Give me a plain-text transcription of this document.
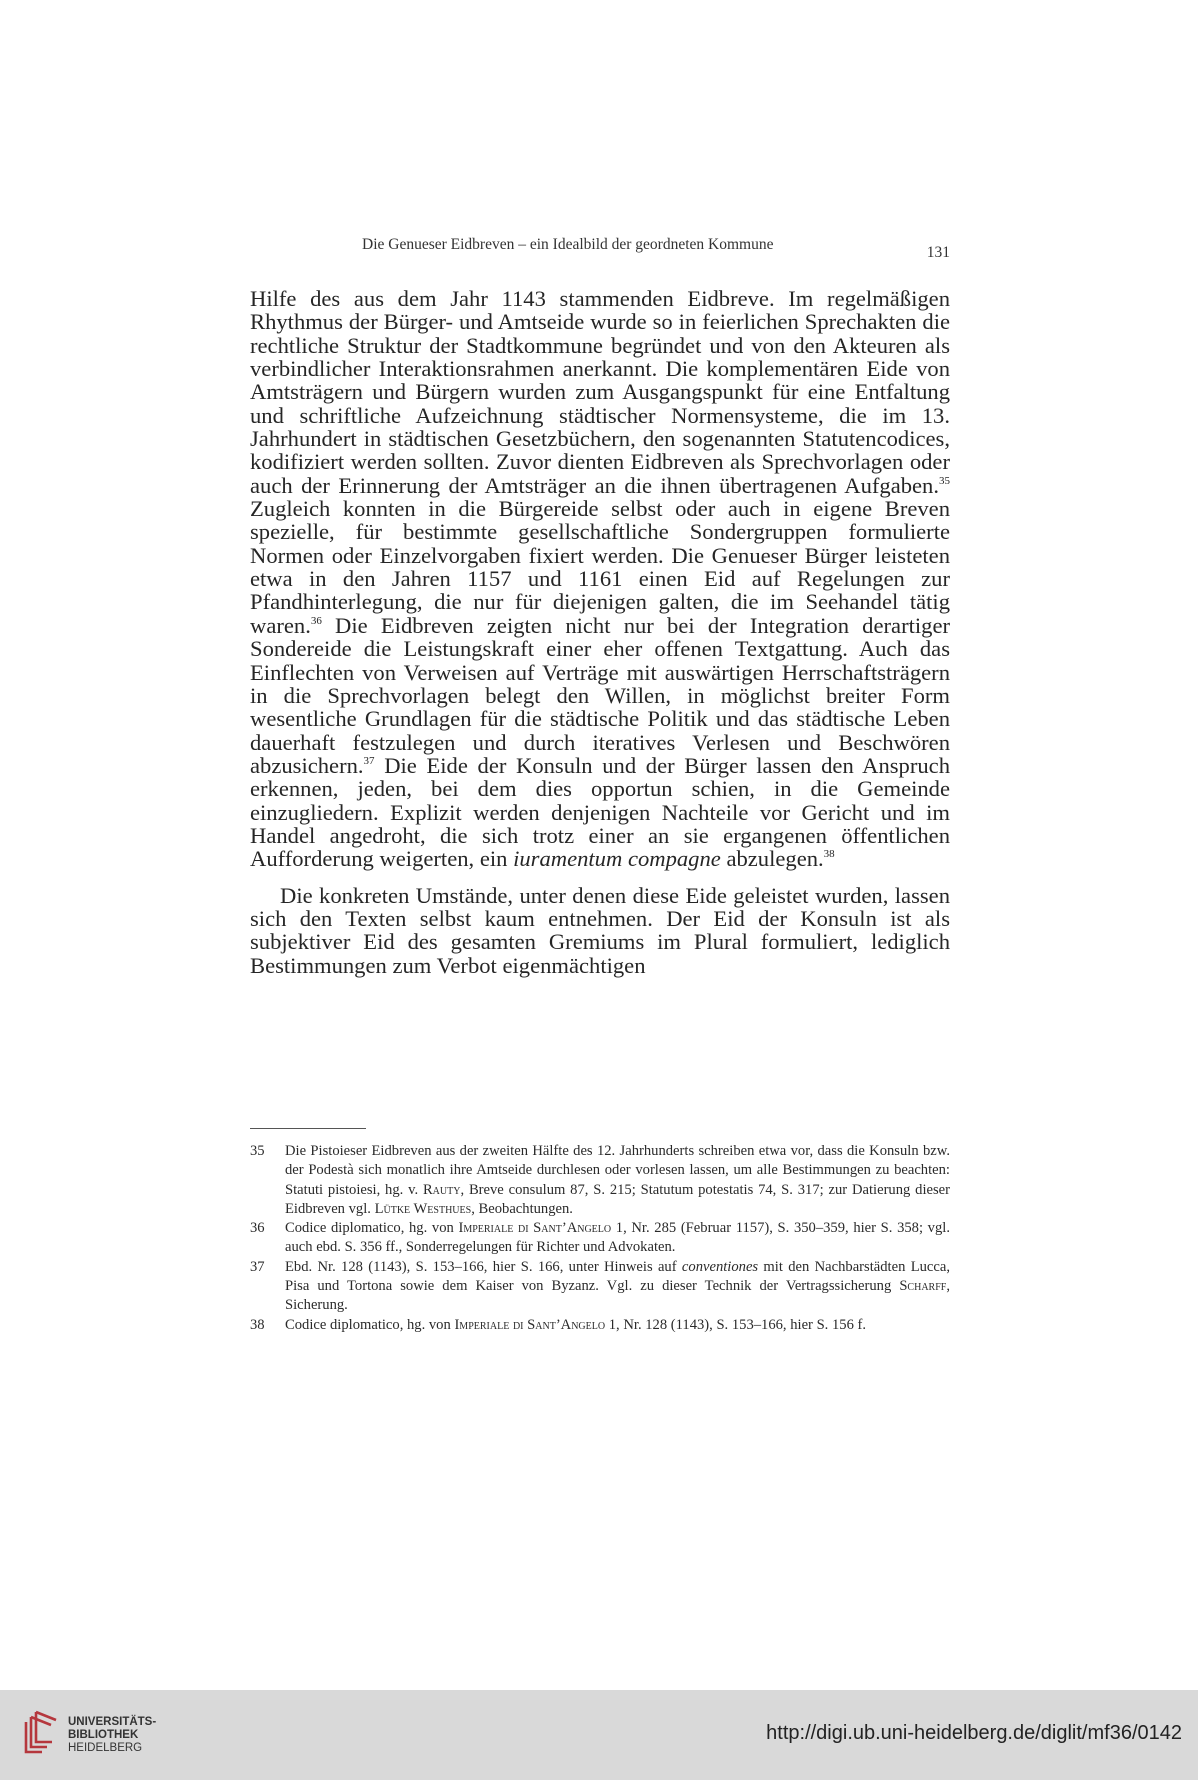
Die Genueser Eidbreven – ein Idealbild der geordneten Kommune	131

Hilfe des aus dem Jahr 1143 stammenden Eidbreve. Im regelmäßigen Rhythmus der Bürger- und Amtseide wurde so in feierlichen Sprechakten die rechtliche Struktur der Stadtkommune begründet und von den Akteuren als verbindlicher Interaktionsrahmen anerkannt. Die komplementären Eide von Amtsträgern und Bürgern wurden zum Ausgangspunkt für eine Entfaltung und schriftliche Aufzeichnung städtischer Normensysteme, die im 13. Jahrhundert in städtischen Gesetzbüchern, den sogenannten Statutencodices, kodifiziert werden sollten. Zuvor dienten Eidbreven als Sprechvorlagen oder auch der Erinnerung der Amtsträger an die ihnen übertragenen Aufgaben.$^{35}$ Zugleich konnten in die Bürgereide selbst oder auch in eigene Breven spezielle, für bestimmte gesellschaftliche Sondergruppen formulierte Normen oder Einzelvorgaben fixiert werden. Die Genueser Bürger leisteten etwa in den Jahren 1157 und 1161 einen Eid auf Regelungen zur Pfandhinterlegung, die nur für diejenigen galten, die im Seehandel tätig waren.$^{36}$ Die Eidbreven zeigten nicht nur bei der Integration derartiger Sondereide die Leistungskraft einer eher offenen Textgattung. Auch das Einflechten von Verweisen auf Verträge mit auswärtigen Herrschaftsträgern in die Sprechvorlagen belegt den Willen, in möglichst breiter Form wesentliche Grundlagen für die städtische Politik und das städtische Leben dauerhaft festzulegen und durch iteratives Verlesen und Beschwören abzusichern.$^{37}$ Die Eide der Konsuln und der Bürger lassen den Anspruch erkennen, jeden, bei dem dies opportun schien, in die Gemeinde einzugliedern. Explizit werden denjenigen Nachteile vor Gericht und im Handel angedroht, die sich trotz einer an sie ergangenen öffentlichen Aufforderung weigerten, ein iuramentum compagne abzulegen.$^{38}$

Die konkreten Umstände, unter denen diese Eide geleistet wurden, lassen sich den Texten selbst kaum entnehmen. Der Eid der Konsuln ist als subjektiver Eid des gesamten Gremiums im Plural formuliert, lediglich Bestimmungen zum Verbot eigenmächtigen

35 Die Pistoieser Eidbreven aus der zweiten Hälfte des 12. Jahrhunderts schreiben etwa vor, dass die Konsuln bzw. der Podestà sich monatlich ihre Amtseide durchlesen oder vorlesen lassen, um alle Bestimmungen zu beachten: Statuti pistoiesi, hg. v. Rauty, Breve consulum 87, S. 215; Statutum potestatis 74, S. 317; zur Datierung dieser Eidbreven vgl. Lütke Westhues, Beobachtungen.
36 Codice diplomatico, hg. von Imperiale di Sant’Angelo 1, Nr. 285 (Februar 1157), S. 350–359, hier S. 358; vgl. auch ebd. S. 356 ff., Sonderregelungen für Richter und Advokaten.
37 Ebd. Nr. 128 (1143), S. 153–166, hier S. 166, unter Hinweis auf conventiones mit den Nachbarstädten Lucca, Pisa und Tortona sowie dem Kaiser von Byzanz. Vgl. zu dieser Technik der Vertragssicherung Scharff, Sicherung.
38 Codice diplomatico, hg. von Imperiale di Sant’Angelo 1, Nr. 128 (1143), S. 153–166, hier S. 156 f.
UNIVERSITÄTS-
BIBLIOTHEK
HEIDELBERG
http://digi.ub.uni-heidelberg.de/diglit/mf36/0142
